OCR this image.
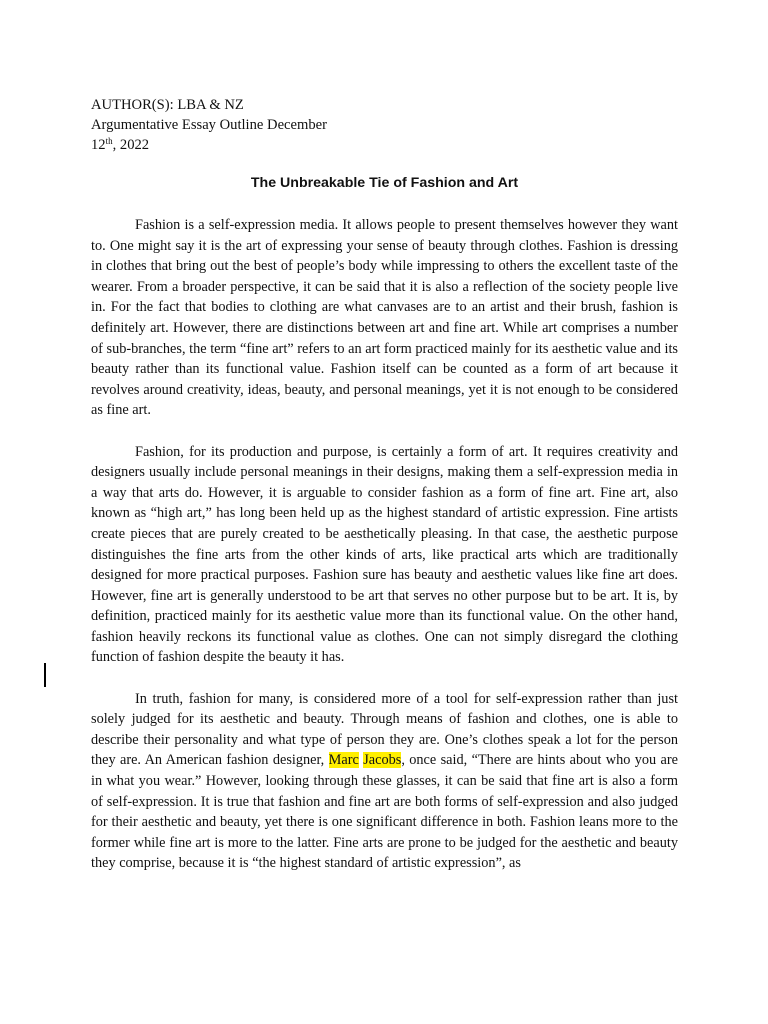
AUTHOR(S): LBA & NZ
Argumentative Essay Outline December
12th, 2022
The Unbreakable Tie of Fashion and Art

Fashion is a self-expression media. It allows people to present themselves however they want to. One might say it is the art of expressing your sense of beauty through clothes. Fashion is dressing in clothes that bring out the best of people’s body while impressing to others the excellent taste of the wearer. From a broader perspective, it can be said that it is also a reflection of the society people live in. For the fact that bodies to clothing are what canvases are to an artist and their brush, fashion is definitely art. However, there are distinctions between art and fine art. While art comprises a number of sub-branches, the term “fine art” refers to an art form practiced mainly for its aesthetic value and its beauty rather than its functional value. Fashion itself can be counted as a form of art because it revolves around creativity, ideas, beauty, and personal meanings, yet it is not enough to be considered as fine art.

Fashion, for its production and purpose, is certainly a form of art. It requires creativity and designers usually include personal meanings in their designs, making them a self-expression media in a way that arts do. However, it is arguable to consider fashion as a form of fine art. Fine art, also known as “high art,” has long been held up as the highest standard of artistic expression. Fine artists create pieces that are purely created to be aesthetically pleasing. In that case, the aesthetic purpose distinguishes the fine arts from the other kinds of arts, like practical arts which are traditionally designed for more practical purposes. Fashion sure has beauty and aesthetic values like fine art does. However, fine art is generally understood to be art that serves no other purpose but to be art. It is, by definition, practiced mainly for its aesthetic value more than its functional value. On the other hand, fashion heavily reckons its functional value as clothes. One can not simply disregard the clothing function of fashion despite the beauty it has.

In truth, fashion for many, is considered more of a tool for self-expression rather than just solely judged for its aesthetic and beauty. Through means of fashion and clothes, one is able to describe their personality and what type of person they are. One’s clothes speak a lot for the person they are. An American fashion designer, Marc Jacobs, once said, “There are hints about who you are in what you wear.” However, looking through these glasses, it can be said that fine art is also a form of self-expression. It is true that fashion and fine art are both forms of self-expression and also judged for their aesthetic and beauty, yet there is one significant difference in both. Fashion leans more to the former while fine art is more to the latter. Fine arts are prone to be judged for the aesthetic and beauty they comprise, because it is “the highest standard of artistic expression”, as
